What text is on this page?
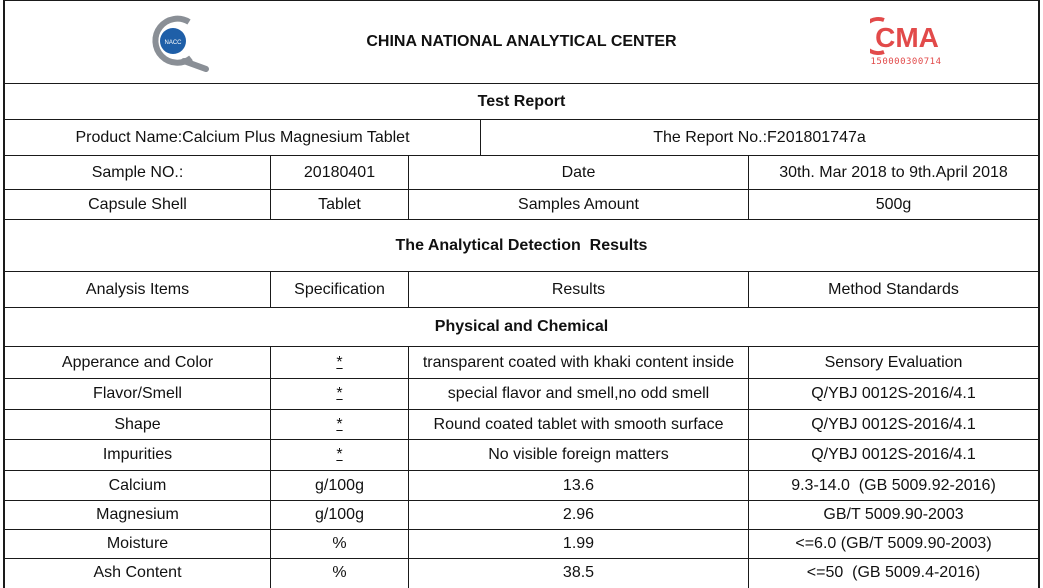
NACC	CHINA NATIONAL ANALYTICAL CENTER	CMA
150000300714
Test Report
Product Name:Calcium Plus Magnesium Tablet	The Report No.:F201801747a
Sample NO.:	20180401	Date	30th. Mar 2018 to 9th.April 2018
Capsule Shell	Tablet	Samples Amount	500g
The Analytical Detection  Results
Analysis Items	Specification	Results	Method Standards
Physical and Chemical
Apperance and Color	*	transparent coated with khaki content inside	Sensory Evaluation
Flavor/Smell	*	special flavor and smell,no odd smell	Q/YBJ 0012S-2016/4.1
Shape	*	Round coated tablet with smooth surface	Q/YBJ 0012S-2016/4.1
Impurities	*	No visible foreign matters	Q/YBJ 0012S-2016/4.1
Calcium	g/100g	13.6	9.3-14.0  (GB 5009.92-2016)
Magnesium	g/100g	2.96	GB/T 5009.90-2003
Moisture	%	1.99	<=6.0 (GB/T 5009.90-2003)
Ash Content	%	38.5	<=50  (GB 5009.4-2016)
